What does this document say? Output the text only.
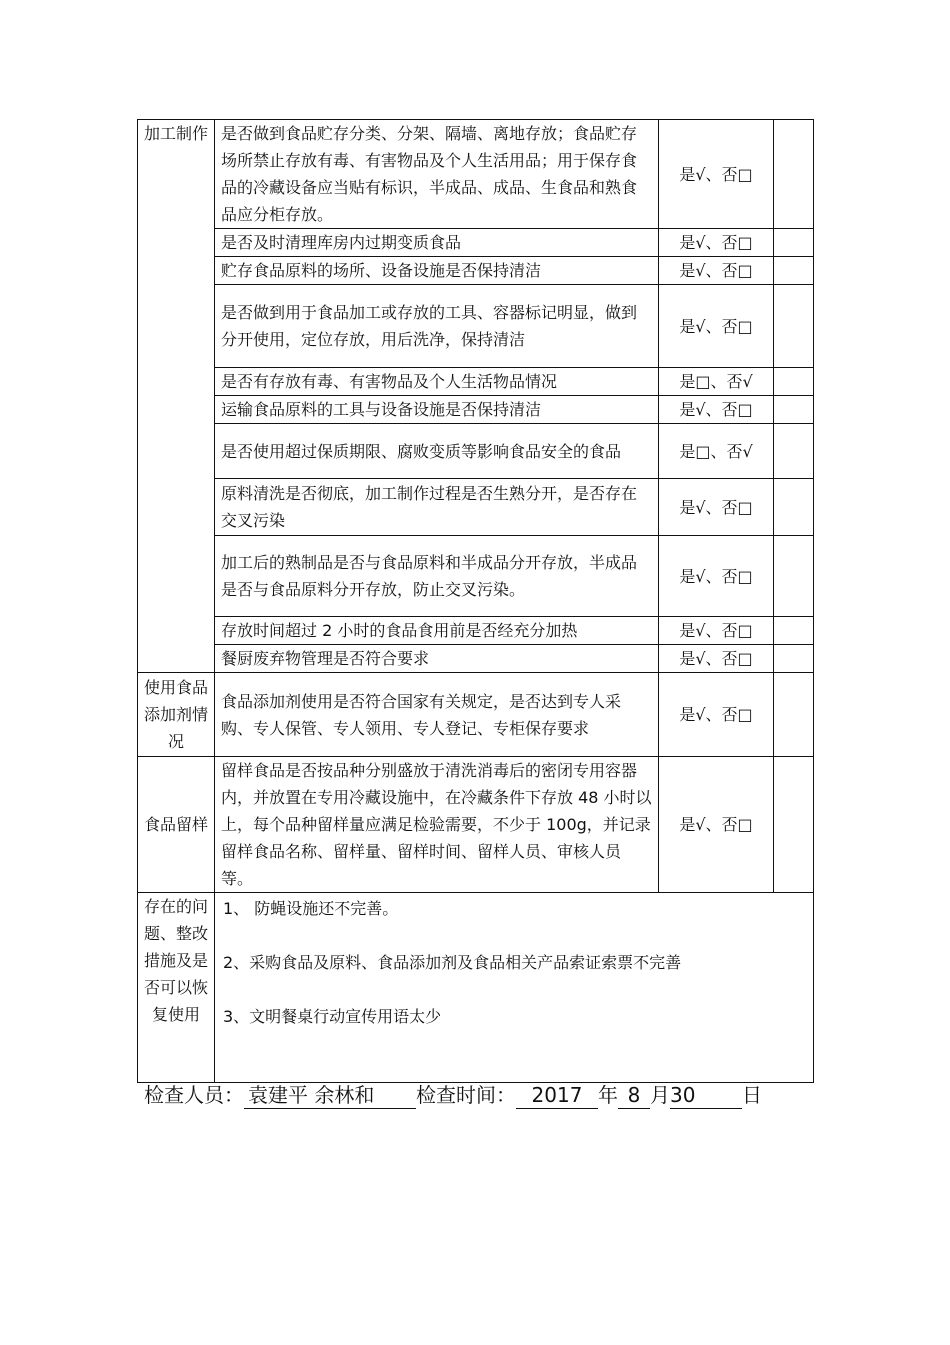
加工制作	是否做到食品贮存分类、分架、隔墙、离地存放；食品贮存场所禁止存放有毒、有害物品及个人生活用品；用于保存食品的冷藏设备应当贴有标识，半成品、成品、生食品和熟食品应分柜存放。	是√、否□	
	是否及时清理库房内过期变质食品	是√、否□	
	贮存食品原料的场所、设备设施是否保持清洁	是√、否□	
	是否做到用于食品加工或存放的工具、容器标记明显，做到分开使用，定位存放，用后洗净，保持清洁	是√、否□	
	是否有存放有毒、有害物品及个人生活物品情况	是□、否√	
	运输食品原料的工具与设备设施是否保持清洁	是√、否□	
	是否使用超过保质期限、腐败变质等影响食品安全的食品	是□、否√	
	原料清洗是否彻底，加工制作过程是否生熟分开，是否存在交叉污染	是√、否□	
	加工后的熟制品是否与食品原料和半成品分开存放，半成品是否与食品原料分开存放，防止交叉污染。	是√、否□	
	存放时间超过 2 小时的食品食用前是否经充分加热	是√、否□	
	餐厨废弃物管理是否符合要求	是√、否□	
使用食品添加剂情况	食品添加剂使用是否符合国家有关规定，是否达到专人采购、专人保管、专人领用、专人登记、专柜保存要求	是√、否□	
食品留样	留样食品是否按品种分别盛放于清洗消毒后的密闭专用容器内，并放置在专用冷藏设施中，在冷藏条件下存放 48 小时以上，每个品种留样量应满足检验需要，不少于 100g，并记录留样食品名称、留样量、留样时间、留样人员、审核人员等。	是√、否□	
存在的问题、整改措施及是否可以恢复使用	1、 防蝇设施还不完善。
2、采购食品及原料、食品添加剂及食品相关产品索证索票不完善
3、文明餐桌行动宣传用语太少		
检查人员： 袁建平 余林和 检查时间： 2017 年 8 月30 日
